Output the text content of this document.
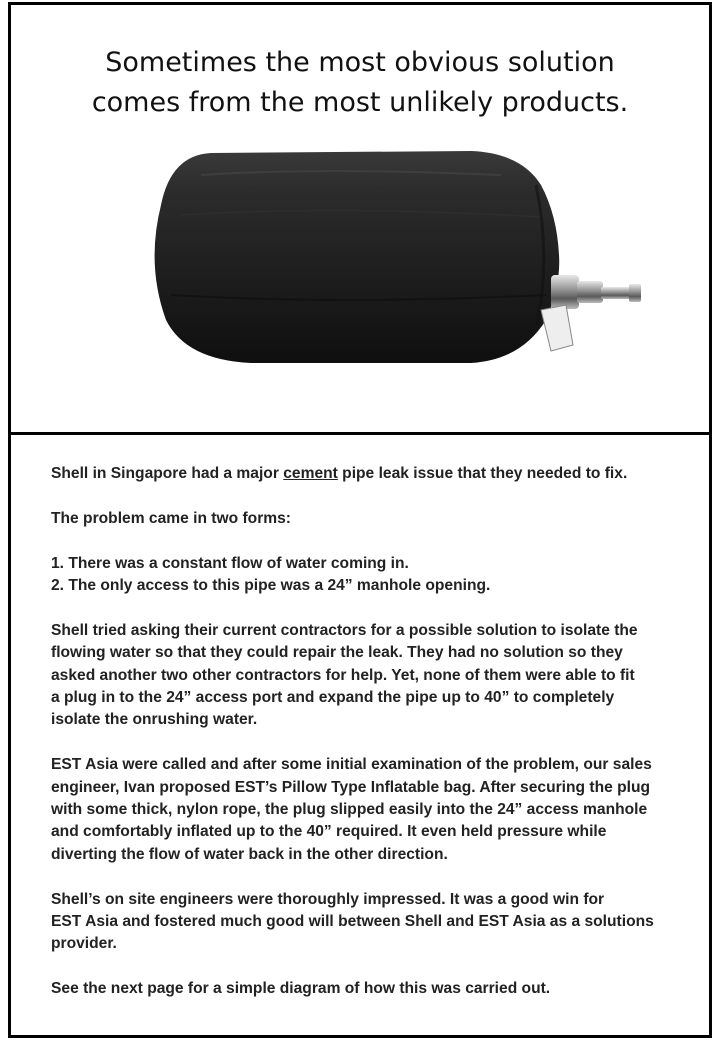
Sometimes the most obvious solution
comes from the most unlikely products.

Shell in Singapore had a major cement pipe leak issue that they needed to fix.

The problem came in two forms:

1. There was a constant flow of water coming in.
2. The only access to this pipe was a 24” manhole opening.

Shell tried asking their current contractors for a possible solution to isolate the
flowing water so that they could repair the leak. They had no solution so they
asked another two other contractors for help. Yet, none of them were able to fit
a plug in to the 24” access port and expand the pipe up to 40” to completely
isolate the onrushing water.

EST Asia were called and after some initial examination of the problem, our sales
engineer, Ivan proposed EST’s Pillow Type Inflatable bag. After securing the plug
with some thick, nylon rope, the plug slipped easily into the 24” access manhole
and comfortably inflated up to the 40” required. It even held pressure while
diverting the flow of water back in the other direction.

Shell’s on site engineers were thoroughly impressed. It was a good win for
EST Asia and fostered much good will between Shell and EST Asia as a solutions
provider.

See the next page for a simple diagram of how this was carried out.
